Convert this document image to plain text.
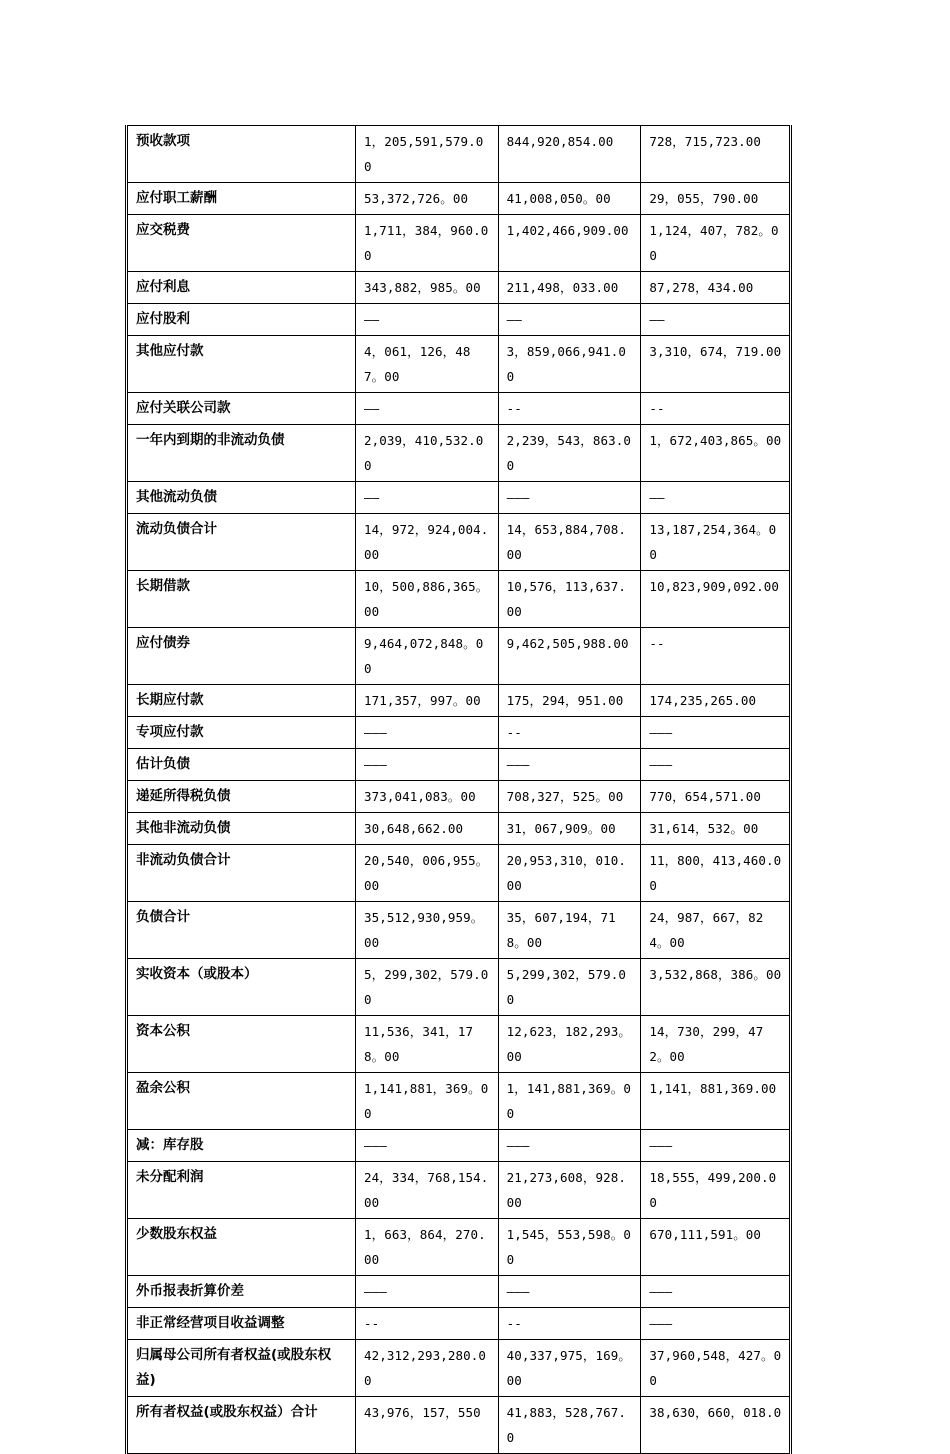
预收款项	1，205,591,579.00	844,920,854.00	728，715,723.00
应付职工薪酬	53,372,726。00	41,008,050。00	29，055，790.00
应交税费	1,711，384，960.00	1,402,466,909.00	1,124，407，782。00
应付利息	343,882，985。00	211,498，033.00	87,278，434.00
应付股利	——	——	——
其他应付款	4，061，126，487。00	3，859,066,941.00	3,310，674，719.00
应付关联公司款	——	--	--
一年内到期的非流动负债	2,039，410,532.00	2,239，543，863.00	1，672,403,865。00
其他流动负债	——	———	——
流动负债合计	14，972，924,004.00	14，653,884,708.00	13,187,254,364。00
长期借款	10，500,886,365。00	10,576，113,637.00	10,823,909,092.00
应付债券	9,464,072,848。00	9,462,505,988.00	--
长期应付款	171,357，997。00	175，294，951.00	174,235,265.00
专项应付款	———	--	———
估计负债	———	———	———
递延所得税负债	373,041,083。00	708,327，525。00	770，654,571.00
其他非流动负债	30,648,662.00	31，067,909。00	31,614，532。00
非流动负债合计	20,540，006,955。00	20,953,310，010.00	11，800，413,460.00
负债合计	35,512,930,959。00	35，607,194，718。00	24，987，667，824。00
实收资本（或股本）	5，299,302，579.00	5,299,302，579.00	3,532,868，386。00
资本公积	11,536，341，178。00	12,623，182,293。00	14，730，299，472。00
盈余公积	1,141,881，369。00	1，141,881,369。00	1,141，881,369.00
减：库存股	———	———	———
未分配利润	24，334，768,154.00	21,273,608，928.00	18,555，499,200.00
少数股东权益	1，663，864，270.00	1,545，553,598。00	670,111,591。00
外币报表折算价差	———	———	———
非正常经营项目收益调整	--	--	———
归属母公司所有者权益(或股东权益)	42,312,293,280.00	40,337,975，169。00	37,960,548，427。00
所有者权益(或股东权益）合计	43,976，157，550	41,883，528,767.0	38,630，660，018.0
